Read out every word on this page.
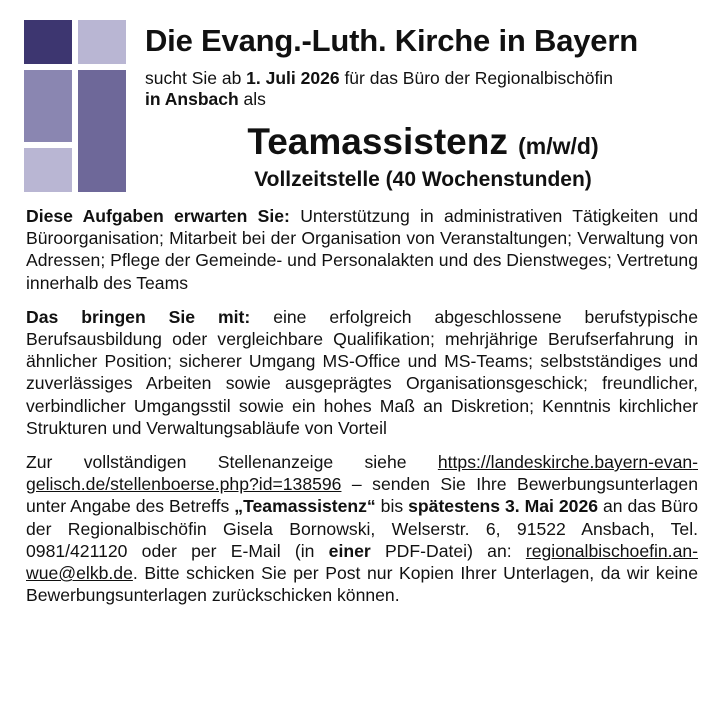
Die Evang.-Luth. Kirche in Bayern
sucht Sie ab 1. Juli 2026 für das Büro der Regionalbischöfin
in Ansbach als
Teamassistenz (m/w/d)
Vollzeitstelle (40 Wochenstunden)

Diese Aufgaben erwarten Sie: Unterstützung in administrativen Tätigkeiten und Büroorganisation; Mitarbeit bei der Organisation von Veranstaltungen; Verwaltung von Adressen; Pflege der Gemeinde- und Personalakten und des Dienstweges; Vertretung innerhalb des Teams

Das bringen Sie mit: eine erfolgreich abgeschlossene berufstypische Berufsausbildung oder vergleichbare Qualifikation; mehrjährige Berufserfahrung in ähnlicher Position; sicherer Umgang MS-Office und MS-Teams; selbstständiges und zuverlässiges Arbeiten sowie ausgeprägtes Organisationsgeschick; freundlicher, verbindlicher Umgangsstil sowie ein hohes Maß an Diskretion; Kenntnis kirchlicher Strukturen und Verwaltungsabläufe von Vorteil

Zur vollständigen Stellenanzeige siehe https://landeskirche.bayern-evangelisch.de/stellenboerse.php?id=138596 – senden Sie Ihre Bewerbungsunterlagen unter Angabe des Betreffs „Teamassistenz“ bis spätestens 3. Mai 2026 an das Büro der Regionalbischöfin Gisela Bornowski, Welserstr. 6, 91522 Ansbach, Tel. 0981/421120 oder per E-Mail (in einer PDF-Datei) an: regionalbischoefin.an-wue@elkb.de. Bitte schicken Sie per Post nur Kopien Ihrer Unterlagen, da wir keine Bewerbungsunterlagen zurückschicken können.
